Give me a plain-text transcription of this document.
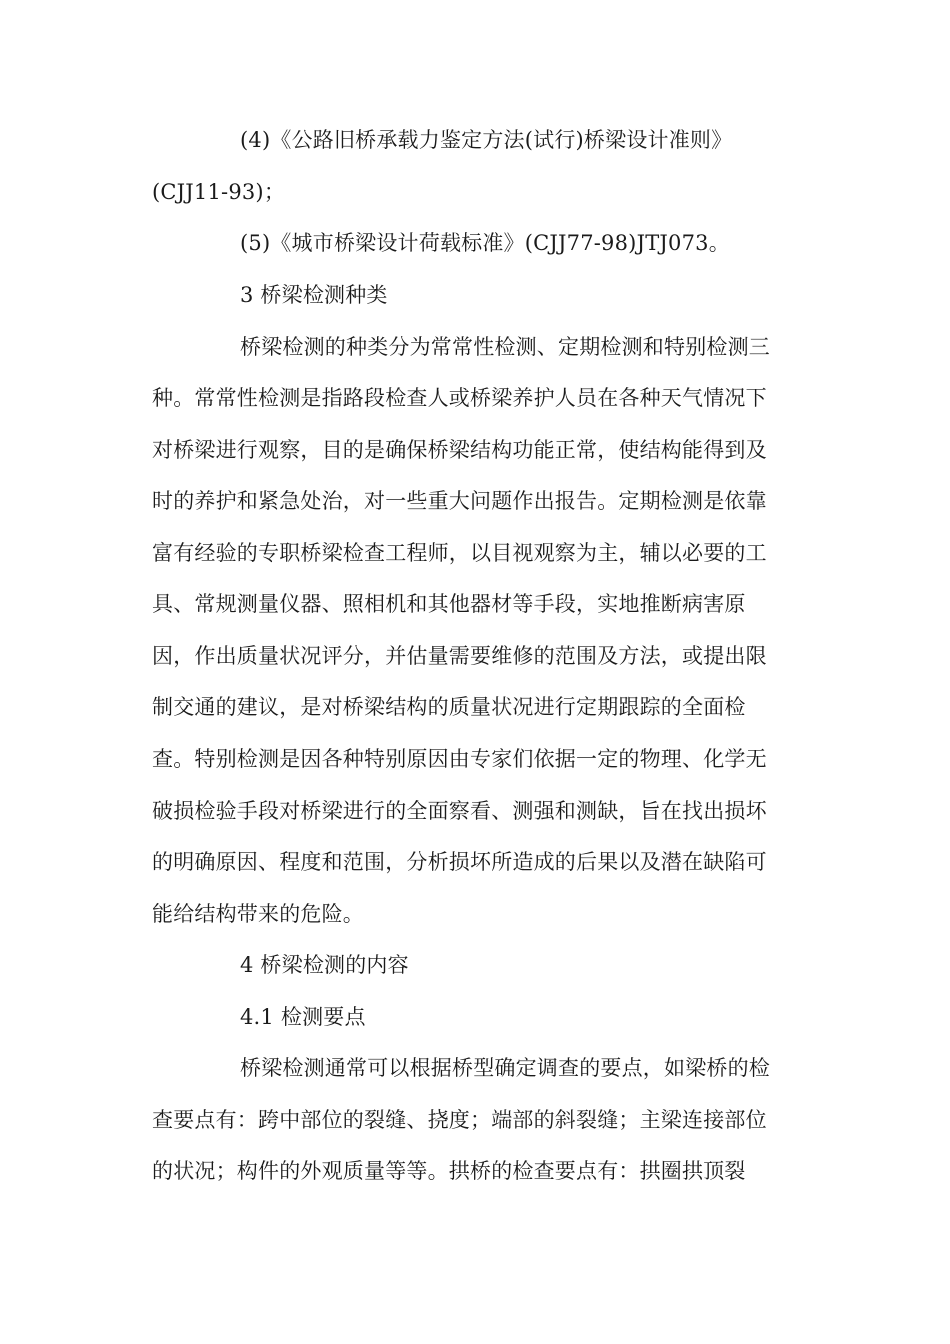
(4)《公路旧桥承载力鉴定方法(试行)桥梁设计准则》
(CJJ11-93)；
(5)《城市桥梁设计荷载标准》(CJJ77-98)JTJ073。
3 桥梁检测种类
桥梁检测的种类分为常常性检测、定期检测和特别检测三
种。常常性检测是指路段检查人或桥梁养护人员在各种天气情况下
对桥梁进行观察，目的是确保桥梁结构功能正常，使结构能得到及
时的养护和紧急处治，对一些重大问题作出报告。定期检测是依靠
富有经验的专职桥梁检查工程师，以目视观察为主，辅以必要的工
具、常规测量仪器、照相机和其他器材等手段，实地推断病害原
因，作出质量状况评分，并估量需要维修的范围及方法，或提出限
制交通的建议，是对桥梁结构的质量状况进行定期跟踪的全面检
查。特别检测是因各种特别原因由专家们依据一定的物理、化学无
破损检验手段对桥梁进行的全面察看、测强和测缺，旨在找出损坏
的明确原因、程度和范围，分析损坏所造成的后果以及潜在缺陷可
能给结构带来的危险。
4 桥梁检测的内容
4.1 检测要点
桥梁检测通常可以根据桥型确定调查的要点，如梁桥的检
查要点有：跨中部位的裂缝、挠度；端部的斜裂缝；主梁连接部位
的状况；构件的外观质量等等。拱桥的检查要点有：拱圈拱顶裂
